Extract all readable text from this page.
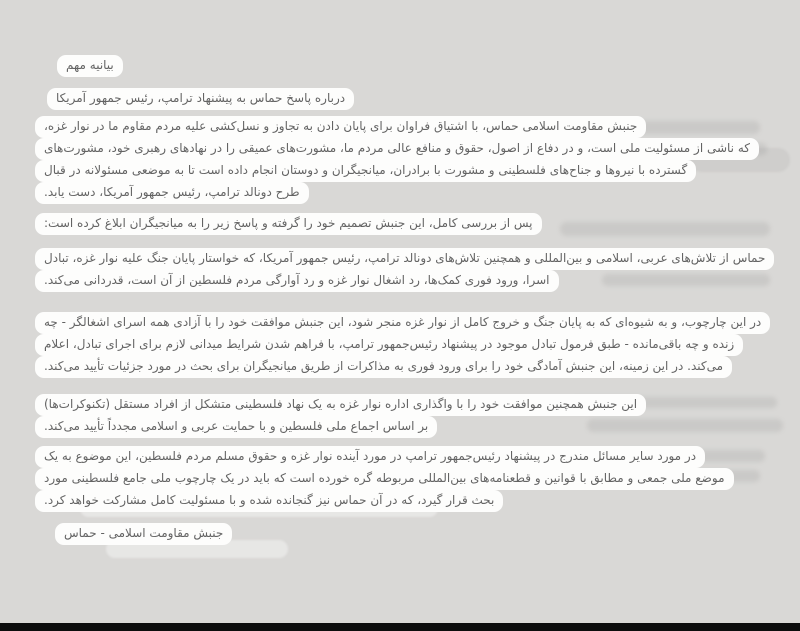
بیانیه مهم
درباره پاسخ حماس به پیشنهاد ترامپ، رئیس جمهور آمریکا
جنبش مقاومت اسلامی حماس، با اشتیاق فراوان برای پایان دادن به تجاوز و نسل‌کشی علیه مردم مقاوم ما در نوار غزه،
که ناشی از مسئولیت ملی است، و در دفاع از اصول، حقوق و منافع عالی مردم ما، مشورت‌های عمیقی را در نهادهای رهبری خود، مشورت‌های
گسترده با نیروها و جناح‌های فلسطینی و مشورت با برادران، میانجیگران و دوستان انجام داده است تا به موضعی مسئولانه در قبال
طرح دونالد ترامپ، رئیس جمهور آمریکا، دست یابد.
پس از بررسی کامل، این جنبش تصمیم خود را گرفته و پاسخ زیر را به میانجیگران ابلاغ کرده است:
حماس از تلاش‌های عربی، اسلامی و بین‌المللی و همچنین تلاش‌های دونالد ترامپ، رئیس جمهور آمریکا، که خواستار پایان جنگ علیه نوار غزه، تبادل
اسرا، ورود فوری کمک‌ها، رد اشغال نوار غزه و رد آوارگی مردم فلسطین از آن است، قدردانی می‌کند.
در این چارچوب، و به شیوه‌ای که به پایان جنگ و خروج کامل از نوار غزه منجر شود، این جنبش موافقت خود را با آزادی همه اسرای اشغالگر - چه
زنده و چه باقی‌مانده - طبق فرمول تبادل موجود در پیشنهاد رئیس‌جمهور ترامپ، با فراهم شدن شرایط میدانی لازم برای اجرای تبادل، اعلام
می‌کند. در این زمینه، این جنبش آمادگی خود را برای ورود فوری به مذاکرات از طریق میانجیگران برای بحث در مورد جزئیات تأیید می‌کند.
این جنبش همچنین موافقت خود را با واگذاری اداره نوار غزه به یک نهاد فلسطینی متشکل از افراد مستقل (تکنوکرات‌ها)
بر اساس اجماع ملی فلسطین و با حمایت عربی و اسلامی مجدداً تأیید می‌کند.
در مورد سایر مسائل مندرج در پیشنهاد رئیس‌جمهور ترامپ در مورد آینده نوار غزه و حقوق مسلم مردم فلسطین، این موضوع به یک
موضع ملی جمعی و مطابق با قوانین و قطعنامه‌های بین‌المللی مربوطه گره خورده است که باید در یک چارچوب ملی جامع فلسطینی مورد
بحث قرار گیرد، که در آن حماس نیز گنجانده شده و با مسئولیت کامل مشارکت خواهد کرد.
جنبش مقاومت اسلامی - حماس
